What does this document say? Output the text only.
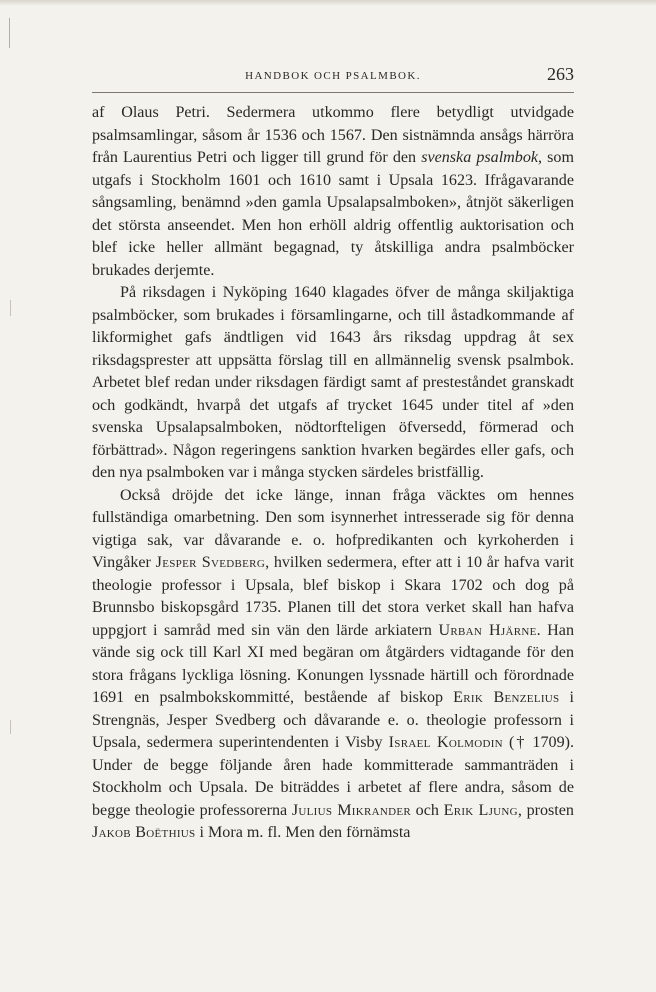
HANDBOK OCH PSALMBOK.	263

af Olaus Petri. Sedermera utkommo flere betydligt utvidgade psalmsamlingar, såsom år 1536 och 1567. Den sistnämnda ansågs härröra från Laurentius Petri och ligger till grund för den svenska psalmbok, som utgafs i Stockholm 1601 och 1610 samt i Upsala 1623. Ifrågavarande sångsamling, benämnd »den gamla Upsalapsalmboken», åtnjöt säkerligen det största anseendet. Men hon erhöll aldrig offentlig auktorisation och blef icke heller allmänt begagnad, ty åtskilliga andra psalmböcker brukades derjemte.

På riksdagen i Nyköping 1640 klagades öfver de många skiljaktiga psalmböcker, som brukades i församlingarne, och till åstadkommande af likformighet gafs ändtligen vid 1643 års riksdag uppdrag åt sex riksdagsprester att uppsätta förslag till en allmännelig svensk psalmbok. Arbetet blef redan under riksdagen färdigt samt af presteståndet granskadt och godkändt, hvarpå det utgafs af trycket 1645 under titel af »den svenska Upsalapsalmboken, nödtorfteligen öfversedd, förmerad och förbättrad». Någon regeringens sanktion hvarken begärdes eller gafs, och den nya psalmboken var i många stycken särdeles bristfällig.

Också dröjde det icke länge, innan fråga väcktes om hennes fullständiga omarbetning. Den som isynnerhet intresserade sig för denna vigtiga sak, var dåvarande e. o. hofpredikanten och kyrkoherden i Vingåker Jesper Svedberg, hvilken sedermera, efter att i 10 år hafva varit theologie professor i Upsala, blef biskop i Skara 1702 och dog på Brunnsbo biskopsgård 1735. Planen till det stora verket skall han hafva uppgjort i samråd med sin vän den lärde arkiatern Urban Hjärne. Han vände sig ock till Karl XI med begäran om åtgärders vidtagande för den stora frågans lyckliga lösning. Konungen lyssnade härtill och förordnade 1691 en psalmbokskommitté, bestående af biskop Erik Benzelius i Strengnäs, Jesper Svedberg och dåvarande e. o. theologie professorn i Upsala, sedermera superintendenten i Visby Israel Kolmodin († 1709). Under de begge följande åren hade kommitterade sammanträden i Stockholm och Upsala. De biträddes i arbetet af flere andra, såsom de begge theologie professorerna Julius Mikrander och Erik Ljung, prosten Jakob Boëthius i Mora m. fl. Men den förnämsta
